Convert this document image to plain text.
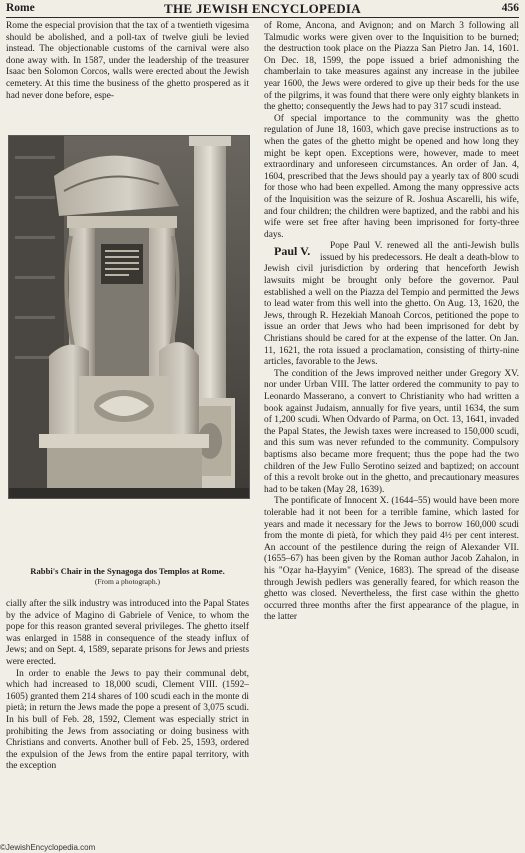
Rome	THE JEWISH ENCYCLOPEDIA	456

Rome the especial provision that the tax of a twentieth vigesima should be abolished, and a poll-tax of twelve giuli be levied instead. The objectionable customs of the carnival were also done away with. In 1587, under the leadership of the treasurer Isaac ben Solomon Corcos, walls were erected about the Jewish cemetery. At this time the business of the ghetto prospered as it had never done before, espe-

Rabbi's Chair in the Synagoga dos Templos at Rome.
(From a photograph.)

cially after the silk industry was introduced into the Papal States by the advice of Magino di Gabriele of Venice, to whom the pope for this reason granted several privileges. The ghetto itself was enlarged in 1588 in consequence of the steady influx of Jews; and on Sept. 4, 1589, separate prisons for Jews and priests were erected.

In order to enable the Jews to pay their communal debt, which had increased to 18,000 scudi, Clement VIII. (1592–1605) granted them 214 shares of 100 scudi each in the monte di pietà; in return the Jews made the pope a present of 3,075 scudi. In his bull of Feb. 28, 1592, Clement was especially strict in prohibiting the Jews from associating or doing business with Christians and converts. Another bull of Feb. 25, 1593, ordered the expulsion of the Jews from the entire papal territory, with the exception

of Rome, Ancona, and Avignon; and on March 3 following all Talmudic works were given over to the Inquisition to be burned; the destruction took place on the Piazza San Pietro Jan. 14, 1601. On Dec. 18, 1599, the pope issued a brief admonishing the chamberlain to take measures against any increase in the jubilee year 1600, the Jews were ordered to give up their beds for the use of the pilgrims, it was found that there were only eighty blankets in the ghetto; consequently the Jews had to pay 317 scudi instead.

Of special importance to the community was the ghetto regulation of June 18, 1603, which gave precise instructions as to when the gates of the ghetto might be opened and how long they might be kept open. Exceptions were, however, made to meet extraordinary and unforeseen circumstances. An order of Jan. 4, 1604, prescribed that the Jews should pay a yearly tax of 800 scudi for those who had been expelled. Among the many oppressive acts of the Inquisition was the seizure of R. Joshua Ascarelli, his wife, and four children; the children were baptized, and the rabbi and his wife were set free after having been imprisoned for forty-three days.

Paul V.	Pope Paul V. renewed all the anti-Jewish bulls issued by his predecessors. He dealt a death-blow to Jewish civil jurisdiction by ordering that henceforth Jewish lawsuits might be brought only before the governor. Paul established a well on the Piazza del Tempio and permitted the Jews to lead water from this well into the ghetto. On Aug. 13, 1620, the Jews, through R. Hezekiah Manoah Corcos, petitioned the pope to issue an order that Jews who had been imprisoned for debt by Christians should be cared for at the expense of the latter. On Jan. 11, 1621, the rota issued a proclamation, consisting of thirty-nine articles, favorable to the Jews.

The condition of the Jews improved neither under Gregory XV. nor under Urban VIII. The latter ordered the community to pay to Leonardo Masserano, a convert to Christianity who had written a book against Judaism, annually for five years, until 1634, the sum of 1,200 scudi. When Odvardo of Parma, on Oct. 13, 1641, invaded the Papal States, the Jewish taxes were increased to 150,000 scudi, and this sum was never refunded to the community. Compulsory baptisms also became more frequent; thus the pope had the two children of the Jew Fullo Serotino seized and baptized; on account of this a revolt broke out in the ghetto, and precautionary measures had to be taken (May 28, 1639).

The pontificate of Innocent X. (1644–55) would have been more tolerable had it not been for a terrible famine, which lasted for years and made it necessary for the Jews to borrow 160,000 scudi from the monte di pietà, for which they paid 4½ per cent interest. An account of the pestilence during the reign of Alexander VII. (1655–67) has been given by the Roman author Jacob Zahalon, in his "Oẓar ha-Ḥayyim" (Venice, 1683). The spread of the disease through Jewish pedlers was generally feared, for which reason the ghetto was closed. Nevertheless, the first case within the ghetto occurred three months after the first appearance of the plague, in the latter

©JewishEncyclopedia.com
